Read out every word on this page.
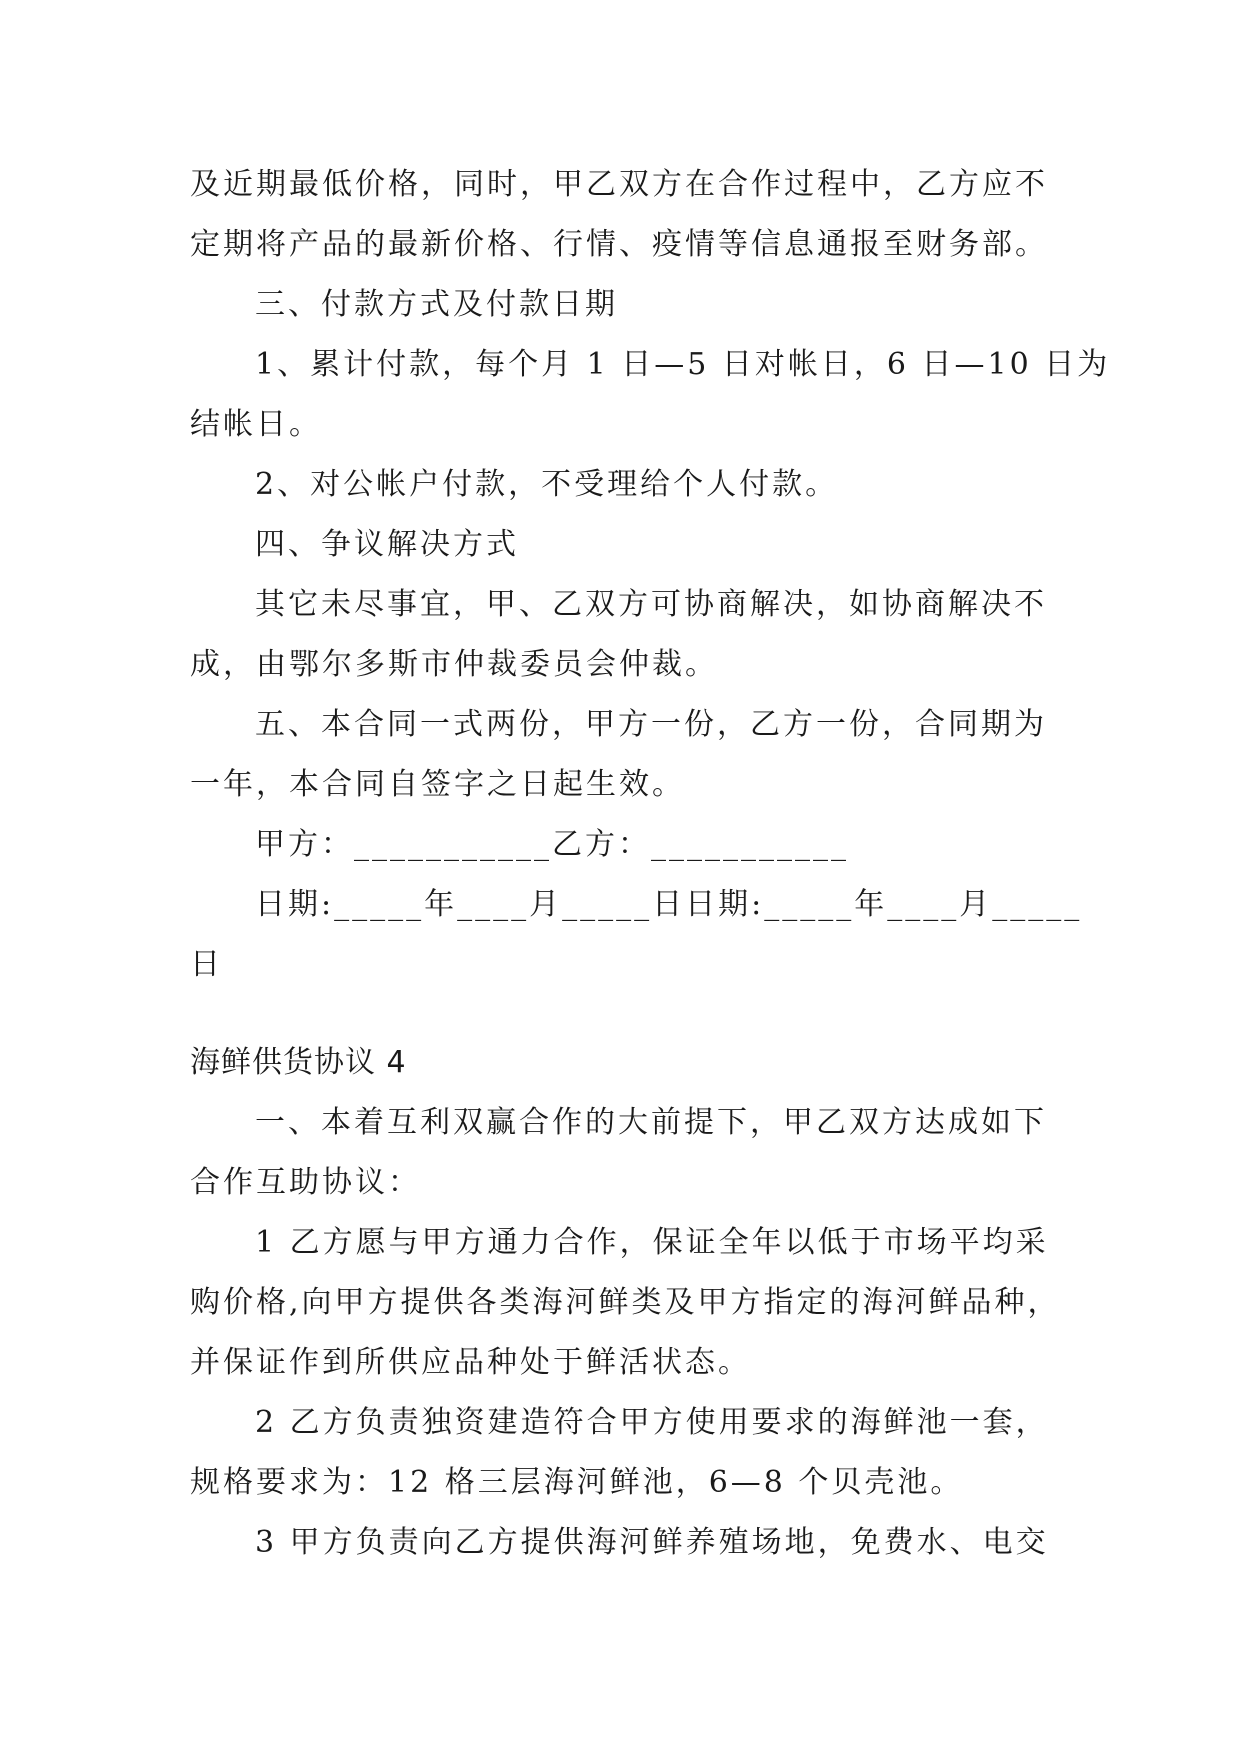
及近期最低价格，同时，甲乙双方在合作过程中，乙方应不
定期将产品的最新价格、行情、疫情等信息通报至财务部。
三、付款方式及付款日期
1、累计付款，每个月 1 日—5 日对帐日，6 日—10 日为
结帐日。
2、对公帐户付款，不受理给个人付款。
四、争议解决方式
其它未尽事宜，甲、乙双方可协商解决，如协商解决不
成，由鄂尔多斯市仲裁委员会仲裁。
五、本合同一式两份，甲方一份，乙方一份，合同期为
一年，本合同自签字之日起生效。
甲方：___________乙方：___________
日期:_____年____月_____日日期:_____年____月_____
日
海鲜供货协议 4
一、本着互利双赢合作的大前提下，甲乙双方达成如下
合作互助协议：
1 乙方愿与甲方通力合作，保证全年以低于市场平均采
购价格,向甲方提供各类海河鲜类及甲方指定的海河鲜品种，
并保证作到所供应品种处于鲜活状态。
2 乙方负责独资建造符合甲方使用要求的海鲜池一套，
规格要求为：12 格三层海河鲜池，6—8 个贝壳池。
3 甲方负责向乙方提供海河鲜养殖场地，免费水、电交
